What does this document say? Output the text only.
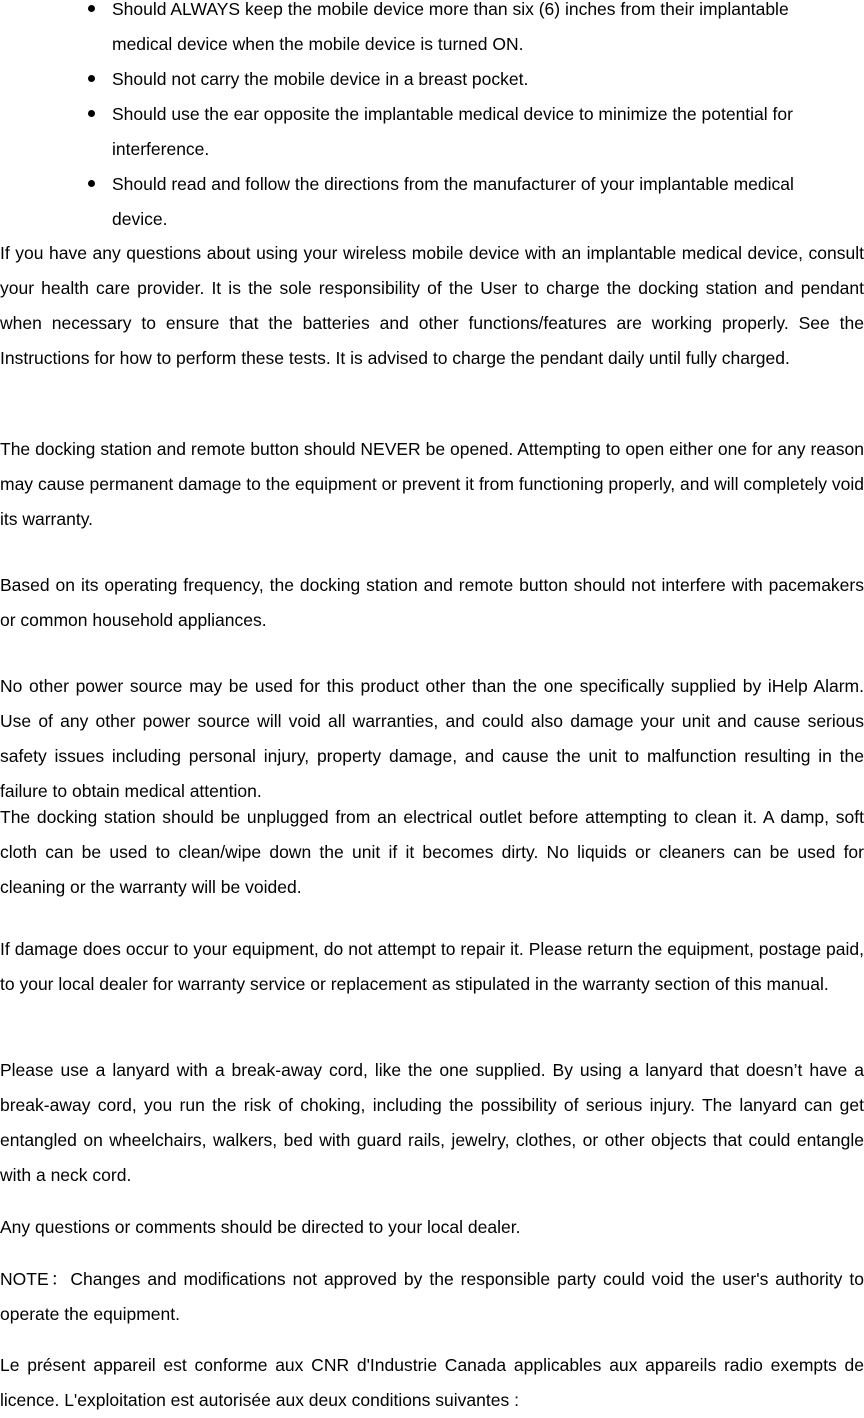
Should ALWAYS keep the mobile device more than six (6) inches from their implantable medical device when the mobile device is turned ON.
Should not carry the mobile device in a breast pocket.
Should use the ear opposite the implantable medical device to minimize the potential for interference.
Should read and follow the directions from the manufacturer of your implantable medical device.

If you have any questions about using your wireless mobile device with an implantable medical device, consult your health care provider. It is the sole responsibility of the User to charge the docking station and pendant when necessary to ensure that the batteries and other functions/features are working properly. See the Instructions for how to perform these tests. It is advised to charge the pendant daily until fully charged.

The docking station and remote button should NEVER be opened. Attempting to open either one for any reason may cause permanent damage to the equipment or prevent it from functioning properly, and will completely void its warranty.

Based on its operating frequency, the docking station and remote button should not interfere with pacemakers or common household appliances.

No other power source may be used for this product other than the one specifically supplied by iHelp Alarm. Use of any other power source will void all warranties, and could also damage your unit and cause serious safety issues including personal injury, property damage, and cause the unit to malfunction resulting in the failure to obtain medical attention.

The docking station should be unplugged from an electrical outlet before attempting to clean it. A damp, soft cloth can be used to clean/wipe down the unit if it becomes dirty. No liquids or cleaners can be used for cleaning or the warranty will be voided.

If damage does occur to your equipment, do not attempt to repair it. Please return the equipment, postage paid, to your local dealer for warranty service or replacement as stipulated in the warranty section of this manual.

Please use a lanyard with a break-away cord, like the one supplied. By using a lanyard that doesn’t have a break-away cord, you run the risk of choking, including the possibility of serious injury. The lanyard can get entangled on wheelchairs, walkers, bed with guard rails, jewelry, clothes, or other objects that could entangle with a neck cord.

Any questions or comments should be directed to your local dealer.

NOTE：Changes and modifications not approved by the responsible party could void the user's authority to operate the equipment.

Le présent appareil est conforme aux CNR d'Industrie Canada applicables aux appareils radio exempts de licence. L'exploitation est autorisée aux deux conditions suivantes :
